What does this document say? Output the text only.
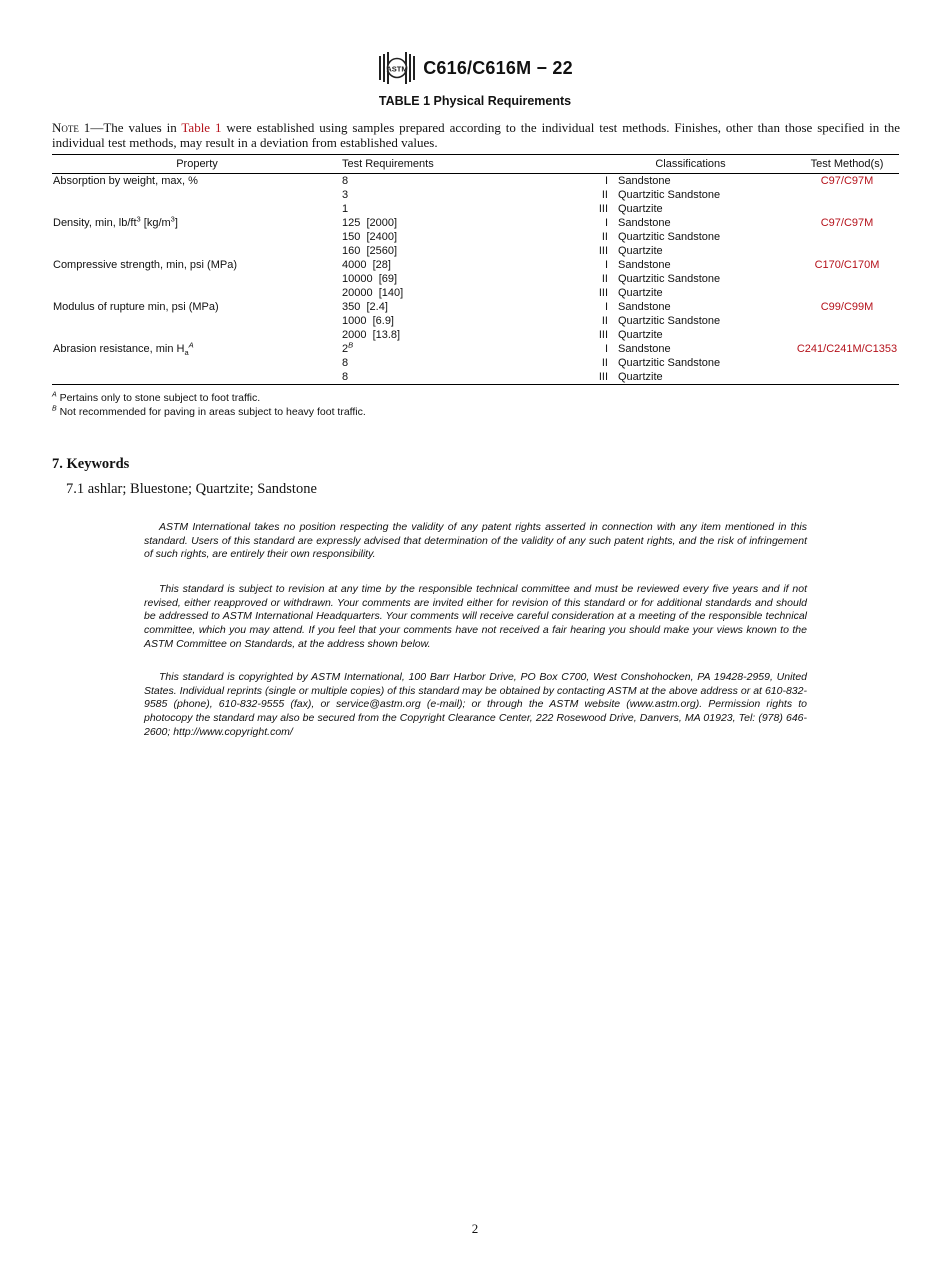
ASTM C616/C616M − 22
TABLE 1 Physical Requirements
Note 1—The values in Table 1 were established using samples prepared according to the individual test methods. Finishes, other than those specified in the individual test methods, may result in a deviation from established values.
Property	Test Requirements	Classifications		Test Method(s)
Absorption by weight, max, %	8	I	Sandstone	C97/C97M
	3	II	Quartzitic Sandstone	
	1	III	Quartzite	
Density, min, $lb/ft^3$ $[kg/m^3]$	125  [2000]	I	Sandstone	C97/C97M
	150  [2400]	II	Quartzitic Sandstone	
	160  [2560]	III	Quartzite	
Compressive strength, min, psi (MPa)	4000  [28]	I	Sandstone	C170/C170M
	10000  [69]	II	Quartzitic Sandstone	
	20000  [140]	III	Quartzite	
Modulus of rupture min, psi (MPa)	350  [2.4]	I	Sandstone	C99/C99M
	1000  [6.9]	II	Quartzitic Sandstone	
	2000  [13.8]	III	Quartzite	
Abrasion resistance, $\min H_a^A$	$2^B$	I	Sandstone	C241/C241M/C1353
	8	II	Quartzitic Sandstone	
	8	III	Quartzite	
$^A$ Pertains only to stone subject to foot traffic.
$^B$ Not recommended for paving in areas subject to heavy foot traffic.
7. Keywords
7.1 ashlar; Bluestone; Quartzite; Sandstone

ASTM International takes no position respecting the validity of any patent rights asserted in connection with any item mentioned in this standard. Users of this standard are expressly advised that determination of the validity of any such patent rights, and the risk of infringement of such rights, are entirely their own responsibility.

This standard is subject to revision at any time by the responsible technical committee and must be reviewed every five years and if not revised, either reapproved or withdrawn. Your comments are invited either for revision of this standard or for additional standards and should be addressed to ASTM International Headquarters. Your comments will receive careful consideration at a meeting of the responsible technical committee, which you may attend. If you feel that your comments have not received a fair hearing you should make your views known to the ASTM Committee on Standards, at the address shown below.

This standard is copyrighted by ASTM International, 100 Barr Harbor Drive, PO Box C700, West Conshohocken, PA 19428-2959, United States. Individual reprints (single or multiple copies) of this standard may be obtained by contacting ASTM at the above address or at 610-832-9585 (phone), 610-832-9555 (fax), or service@astm.org (e-mail); or through the ASTM website (www.astm.org). Permission rights to photocopy the standard may also be secured from the Copyright Clearance Center, 222 Rosewood Drive, Danvers, MA 01923, Tel: (978) 646-2600; http://www.copyright.com/

2
